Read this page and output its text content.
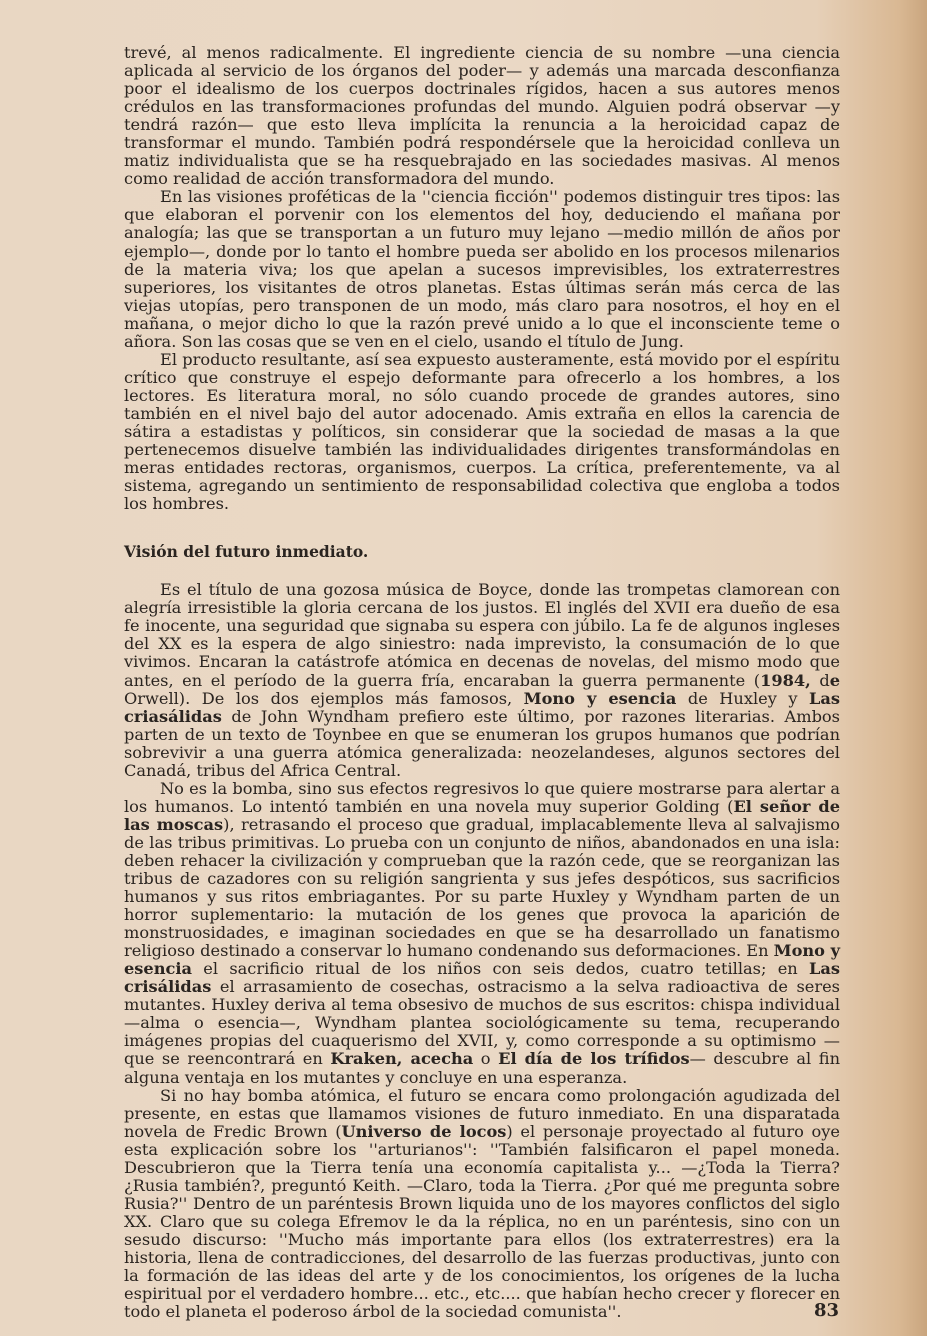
trevé, al menos radicalmente. El ingrediente ciencia de su nombre —una ciencia aplicada al servicio de los órganos del poder— y además una marcada desconfianza poor el idealismo de los cuerpos doctrinales rígidos, hacen a sus autores menos crédulos en las transformaciones profundas del mundo. Alguien podrá observar —y tendrá razón— que esto lleva implícita la renuncia a la heroicidad capaz de transformar el mundo. También podrá respondérsele que la heroicidad conlleva un matiz individualista que se ha resquebrajado en las sociedades masivas. Al menos como realidad de acción transformadora del mundo.

En las visiones proféticas de la ''ciencia ficción'' podemos distinguir tres tipos: las que elaboran el porvenir con los elementos del hoy, deduciendo el mañana por analogía; las que se transportan a un futuro muy lejano —medio millón de años por ejemplo—, donde por lo tanto el hombre pueda ser abolido en los procesos milenarios de la materia viva; los que apelan a sucesos imprevisibles, los extraterrestres superiores, los visitantes de otros planetas. Estas últimas serán más cerca de las viejas utopías, pero transponen de un modo, más claro para nosotros, el hoy en el mañana, o mejor dicho lo que la razón prevé unido a lo que el inconsciente teme o añora. Son las cosas que se ven en el cielo, usando el título de Jung.

El producto resultante, así sea expuesto austeramente, está movido por el espíritu crítico que construye el espejo deformante para ofrecerlo a los hombres, a los lectores. Es literatura moral, no sólo cuando procede de grandes autores, sino también en el nivel bajo del autor adocenado. Amis extraña en ellos la carencia de sátira a estadistas y políticos, sin considerar que la sociedad de masas a la que pertenecemos disuelve también las individualidades dirigentes transformándolas en meras entidades rectoras, organismos, cuerpos. La crítica, preferentemente, va al sistema, agregando un sentimiento de responsabilidad colectiva que engloba a todos los hombres.

Visión del futuro inmediato.

Es el título de una gozosa música de Boyce, donde las trompetas clamorean con alegría irresistible la gloria cercana de los justos. El inglés del XVII era dueño de esa fe inocente, una seguridad que signaba su espera con júbilo. La fe de algunos ingleses del XX es la espera de algo siniestro: nada imprevisto, la consumación de lo que vivimos. Encaran la catástrofe atómica en decenas de novelas, del mismo modo que antes, en el período de la guerra fría, encaraban la guerra permanente (1984, de Orwell). De los dos ejemplos más famosos, Mono y esencia de Huxley y Las criasálidas de John Wyndham prefiero este último, por razones literarias. Ambos parten de un texto de Toynbee en que se enumeran los grupos humanos que podrían sobrevivir a una guerra atómica generalizada: neozelandeses, algunos sectores del Canadá, tribus del Africa Central.

No es la bomba, sino sus efectos regresivos lo que quiere mostrarse para alertar a los humanos. Lo intentó también en una novela muy superior Golding (El señor de las moscas), retrasando el proceso que gradual, implacablemente lleva al salvajismo de las tribus primitivas. Lo prueba con un conjunto de niños, abandonados en una isla: deben rehacer la civilización y comprueban que la razón cede, que se reorganizan las tribus de cazadores con su religión sangrienta y sus jefes despóticos, sus sacrificios humanos y sus ritos embriagantes. Por su parte Huxley y Wyndham parten de un horror suplementario: la mutación de los genes que provoca la aparición de monstruosidades, e imaginan sociedades en que se ha desarrollado un fanatismo religioso destinado a conservar lo humano condenando sus deformaciones. En Mono y esencia el sacrificio ritual de los niños con seis dedos, cuatro tetillas; en Las crisálidas el arrasamiento de cosechas, ostracismo a la selva radioactiva de seres mutantes. Huxley deriva al tema obsesivo de muchos de sus escritos: chispa individual —alma o esencia—, Wyndham plantea sociológicamente su tema, recuperando imágenes propias del cuaquerismo del XVII, y, como corresponde a su optimismo —que se reencontrará en Kraken, acecha o El día de los trífidos— descubre al fin alguna ventaja en los mutantes y concluye en una esperanza.

Si no hay bomba atómica, el futuro se encara como prolongación agudizada del presente, en estas que llamamos visiones de futuro inmediato. En una disparatada novela de Fredic Brown (Universo de locos) el personaje proyectado al futuro oye esta explicación sobre los ''arturianos'': ''También falsificaron el papel moneda. Descubrieron que la Tierra tenía una economía capitalista y... —¿Toda la Tierra? ¿Rusia también?, preguntó Keith. —Claro, toda la Tierra. ¿Por qué me pregunta sobre Rusia?'' Dentro de un paréntesis Brown liquida uno de los mayores conflictos del siglo XX. Claro que su colega Efremov le da la réplica, no en un paréntesis, sino con un sesudo discurso: ''Mucho más importante para ellos (los extraterrestres) era la historia, llena de contradicciones, del desarrollo de las fuerzas productivas, junto con la formación de las ideas del arte y de los conocimientos, los orígenes de la lucha espiritual por el verdadero hombre... etc., etc.... que habían hecho crecer y florecer en todo el planeta el poderoso árbol de la sociedad comunista''.	83
